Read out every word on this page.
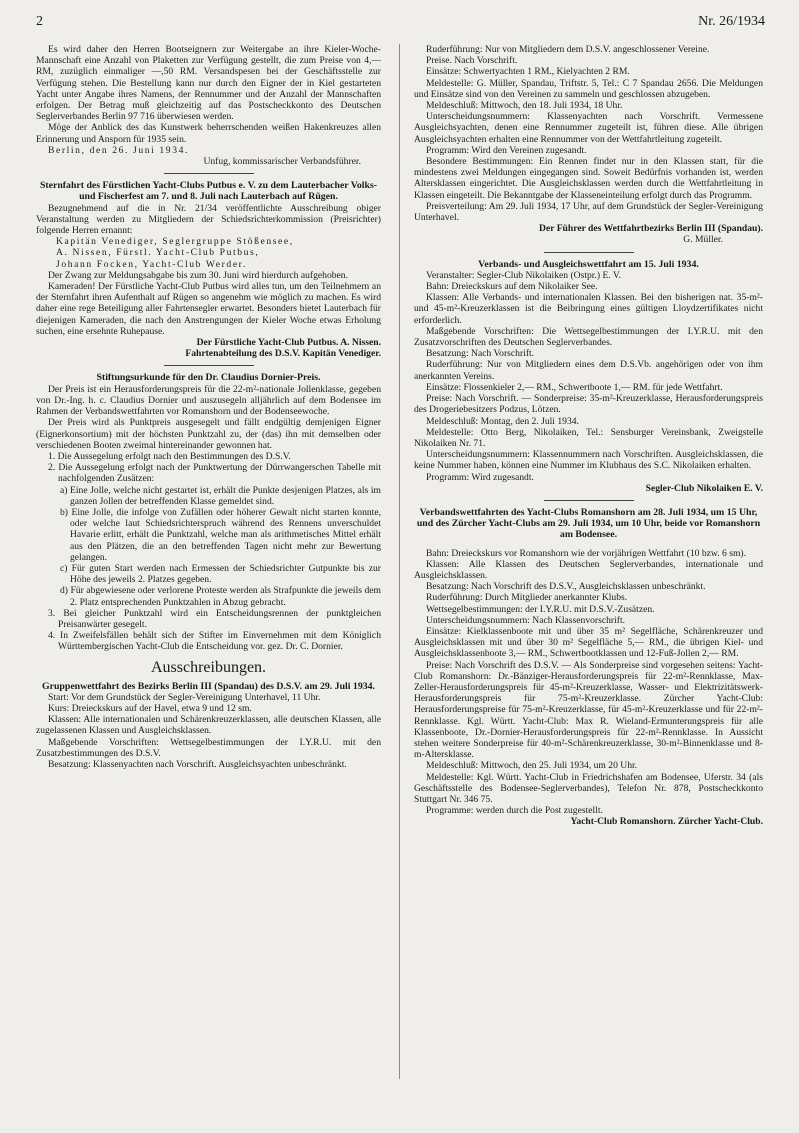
2	Nr. 26/1934

Es wird daher den Herren Bootseignern zur Weitergabe an ihre Kieler-Woche-Mannschaft eine Anzahl von Plaketten zur Verfügung gestellt, die zum Preise von 4,— RM, zuzüglich einmaliger —,50 RM. Versandspesen bei der Geschäftsstelle zur Verfügung stehen. Die Bestellung kann nur durch den Eigner der in Kiel gestarteten Yacht unter Angabe ihres Namens, der Rennummer und der Anzahl der Mannschaften erfolgen. Der Betrag muß gleichzeitig auf das Postscheckkonto des Deutschen Seglerverbandes Berlin 97 716 überwiesen werden.

Möge der Anblick des das Kunstwerk beherrschenden weißen Hakenkreuzes allen Erinnerung und Ansporn für 1935 sein.

Berlin, den 26. Juni 1934.

Unfug, kommissarischer Verbandsführer.

Sternfahrt des Fürstlichen Yacht-Clubs Putbus e. V. zu dem Lauterbacher Volks- und Fischerfest am 7. und 8. Juli nach Lauterbach auf Rügen.

Bezugnehmend auf die in Nr. 21/34 veröffentlichte Ausschreibung obiger Veranstaltung werden zu Mitgliedern der Schiedsrichterkommission (Preisrichter) folgende Herren ernannt:

Kapitän Venediger, Seglergruppe Stößensee,

A. Nissen, Fürstl. Yacht-Club Putbus,

Johann Focken, Yacht-Club Werder.

Der Zwang zur Meldungsabgabe bis zum 30. Juni wird hierdurch aufgehoben.

Kameraden! Der Fürstliche Yacht-Club Putbus wird alles tun, um den Teilnehmern an der Sternfahrt ihren Aufenthalt auf Rügen so angenehm wie möglich zu machen. Es wird daher eine rege Beteiligung aller Fahrtensegler erwartet. Besonders bietet Lauterbach für diejenigen Kameraden, die nach den Anstrengungen der Kieler Woche etwas Erholung suchen, eine ersehnte Ruhepause.

Der Fürstliche Yacht-Club Putbus. A. Nissen.

Fahrtenabteilung des D.S.V. Kapitän Venediger.

Stiftungsurkunde für den Dr. Claudius Dornier-Preis.

Der Preis ist ein Herausforderungspreis für die 22-m²-nationale Jollenklasse, gegeben von Dr.-Ing. h. c. Claudius Dornier und auszusegeln alljährlich auf dem Bodensee im Rahmen der Verbandswettfahrten vor Romanshorn und der Bodenseewoche.

Der Preis wird als Punktpreis ausgesegelt und fällt endgültig demjenigen Eigner (Eignerkonsortium) mit der höchsten Punktzahl zu, der (das) ihn mit demselben oder verschiedenen Booten zweimal hintereinander gewonnen hat.

1. Die Aussegelung erfolgt nach den Bestimmungen des D.S.V.

2. Die Aussegelung erfolgt nach der Punktwertung der Dürrwangerschen Tabelle mit nachfolgenden Zusätzen:

a) Eine Jolle, welche nicht gestartet ist, erhält die Punkte desjenigen Platzes, als im ganzen Jollen der betreffenden Klasse gemeldet sind.

b) Eine Jolle, die infolge von Zufällen oder höherer Gewalt nicht starten konnte, oder welche laut Schiedsrichterspruch während des Rennens unverschuldet Havarie erlitt, erhält die Punktzahl, welche man als arithmetisches Mittel erhält aus den Plätzen, die an den betreffenden Tagen nicht mehr zur Bewertung gelangen.

c) Für guten Start werden nach Ermessen der Schiedsrichter Gutpunkte bis zur Höhe des jeweils 2. Platzes gegeben.

d) Für abgewiesene oder verlorene Proteste werden als Strafpunkte die jeweils dem 2. Platz entsprechenden Punktzahlen in Abzug gebracht.

3. Bei gleicher Punktzahl wird ein Entscheidungsrennen der punktgleichen Preisanwärter gesegelt.

4. In Zweifelsfällen behält sich der Stifter im Einvernehmen mit dem Königlich Württembergischen Yacht-Club die Entscheidung vor. gez. Dr. C. Dornier.

Ausschreibungen.
Gruppenwettfahrt des Bezirks Berlin III (Spandau) des D.S.V. am 29. Juli 1934.

Start: Vor dem Grundstück der Segler-Vereinigung Unterhavel, 11 Uhr.

Kurs: Dreieckskurs auf der Havel, etwa 9 und 12 sm.

Klassen: Alle internationalen und Schärenkreuzerklassen, alle deutschen Klassen, alle zugelassenen Klassen und Ausgleichsklassen.

Maßgebende Vorschriften: Wettsegelbestimmungen der I.Y.R.U. mit den Zusatzbestimmungen des D.S.V.

Besatzung: Klassenyachten nach Vorschrift. Ausgleichsyachten unbeschränkt.

Ruderführung: Nur von Mitgliedern dem D.S.V. angeschlossener Vereine.

Preise. Nach Vorschrift.

Einsätze: Schwertyachten 1 RM., Kielyachten 2 RM.

Meldestelle: G. Müller, Spandau, Triftstr. 5, Tel.: C 7 Spandau 2656. Die Meldungen und Einsätze sind von den Vereinen zu sammeln und geschlossen abzugeben.

Meldeschluß: Mittwoch, den 18. Juli 1934, 18 Uhr.

Unterscheidungsnummern: Klassenyachten nach Vorschrift. Vermessene Ausgleichsyachten, denen eine Rennummer zugeteilt ist, führen diese. Alle übrigen Ausgleichsyachten erhalten eine Rennummer von der Wettfahrtleitung zugeteilt.

Programm: Wird den Vereinen zugesandt.

Besondere Bestimmungen: Ein Rennen findet nur in den Klassen statt, für die mindestens zwei Meldungen eingegangen sind. Soweit Bedürfnis vorhanden ist, werden Altersklassen eingerichtet. Die Ausgleichsklassen werden durch die Wettfahrtleitung in Klassen eingeteilt. Die Bekanntgabe der Klasseneinteilung erfolgt durch das Programm.

Preisverteilung: Am 29. Juli 1934, 17 Uhr, auf dem Grundstück der Segler-Vereinigung Unterhavel.

Der Führer des Wettfahrtbezirks Berlin III (Spandau).

G. Müller.

Verbands- und Ausgleichswettfahrt am 15. Juli 1934.

Veranstalter: Segler-Club Nikolaiken (Ostpr.) E. V.

Bahn: Dreieckskurs auf dem Nikolaiker See.

Klassen: Alle Verbands- und internationalen Klassen. Bei den bisherigen nat. 35-m²- und 45-m²-Kreuzerklassen ist die Beibringung eines gültigen Lloydzertifikates nicht erforderlich.

Maßgebende Vorschriften: Die Wettsegelbestimmungen der I.Y.R.U. mit den Zusatzvorschriften des Deutschen Seglerverbandes.

Besatzung: Nach Vorschrift.

Ruderführung: Nur von Mitgliedern eines dem D.S.Vb. angehörigen oder von ihm anerkannten Vereins.

Einsätze: Flossenkieler 2,— RM., Schwertboote 1,— RM. für jede Wettfahrt.

Preise: Nach Vorschrift. — Sonderpreise: 35-m²-Kreuzerklasse, Herausforderungspreis des Drogeriebesitzers Podzus, Lötzen.

Meldeschluß: Montag, den 2. Juli 1934.

Meldestelle: Otto Berg, Nikolaiken, Tel.: Sensburger Vereinsbank, Zweigstelle Nikolaiken Nr. 71.

Unterscheidungsnummern: Klassennummern nach Vorschriften. Ausgleichsklassen, die keine Nummer haben, können eine Nummer im Klubhaus des S.C. Nikolaiken erhalten.

Programm: Wird zugesandt.

Segler-Club Nikolaiken E. V.

Verbandswettfahrten des Yacht-Clubs Romanshorn am 28. Juli 1934, um 15 Uhr, und des Zürcher Yacht-Clubs am 29. Juli 1934, um 10 Uhr, beide vor Romanshorn am Bodensee.

Bahn: Dreieckskurs vor Romanshorn wie der vorjährigen Wettfahrt (10 bzw. 6 sm).

Klassen: Alle Klassen des Deutschen Seglerverbandes, internationale und Ausgleichsklassen.

Besatzung: Nach Vorschrift des D.S.V., Ausgleichsklassen unbeschränkt.

Ruderführung: Durch Mitglieder anerkannter Klubs.

Wettsegelbestimmungen: der I.Y.R.U. mit D.S.V.-Zusätzen.

Unterscheidungsnummern: Nach Klassenvorschrift.

Einsätze: Kielklassenboote mit und über 35 m² Segelfläche, Schärenkreuzer und Ausgleichsklassen mit und über 30 m² Segelfläche 5,— RM., die übrigen Kiel- und Ausgleichsklassenboote 3,— RM., Schwertbootklassen und 12-Fuß-Jollen 2,— RM.

Preise: Nach Vorschrift des D.S.V. — Als Sonderpreise sind vorgesehen seitens: Yacht-Club Romanshorn: Dr.-Bänziger-Herausforderungspreis für 22-m²-Rennklasse, Max-Zeller-Herausforderungspreis für 45-m²-Kreuzerklasse, Wasser- und Elektrizitätswerk-Herausforderungspreis für 75-m²-Kreuzerklasse. Zürcher Yacht-Club: Herausforderungspreise für 75-m²-Kreuzerklasse, für 45-m²-Kreuzerklasse und für 22-m²-Rennklasse. Kgl. Württ. Yacht-Club: Max R. Wieland-Ermunterungspreis für alle Klassenboote, Dr.-Dornier-Herausforderungspreis für 22-m²-Rennklasse. In Aussicht stehen weitere Sonderpreise für 40-m²-Schärenkreuzerklasse, 30-m²-Binnenklasse und 8-m-Altersklasse.

Meldeschluß: Mittwoch, den 25. Juli 1934, um 20 Uhr.

Meldestelle: Kgl. Württ. Yacht-Club in Friedrichshafen am Bodensee, Uferstr. 34 (als Geschäftsstelle des Bodensee-Seglerverbandes), Telefon Nr. 878, Postscheckkonto Stuttgart Nr. 346 75.

Programme: werden durch die Post zugestellt.

Yacht-Club Romanshorn. Zürcher Yacht-Club.
